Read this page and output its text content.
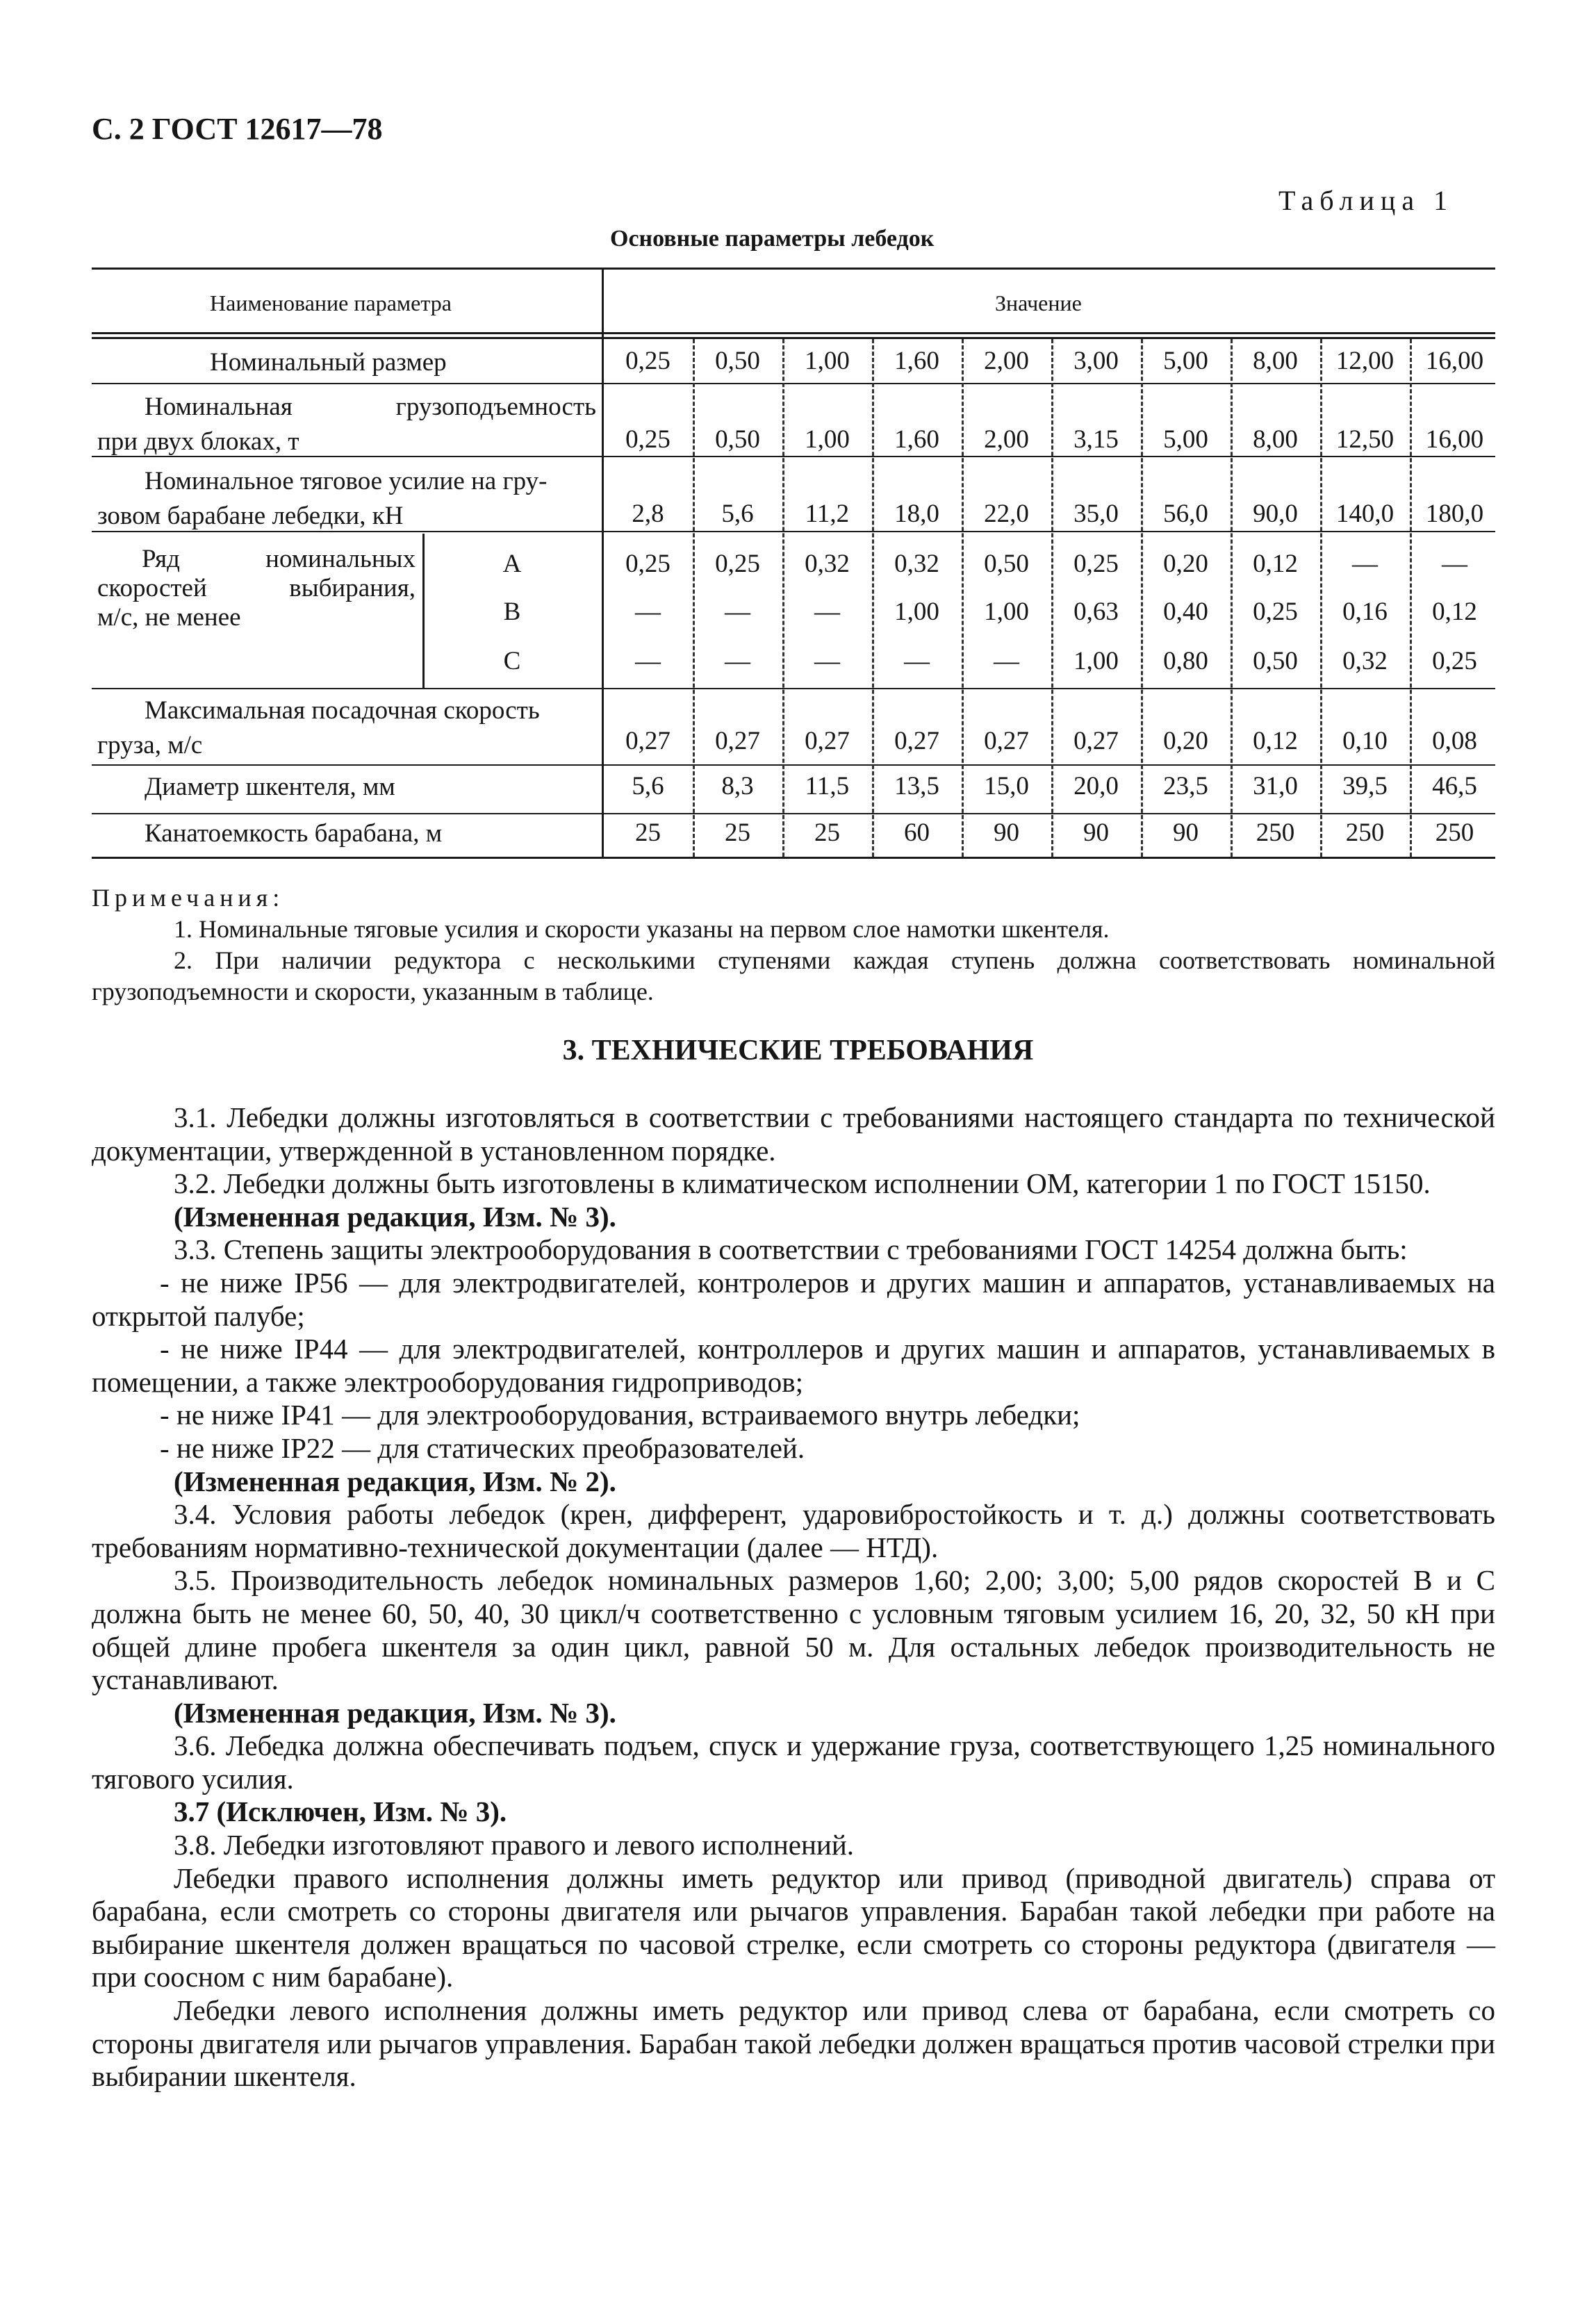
С. 2 ГОСТ 12617—78
Таблица 1
Основные параметры лебедок
Наименование параметра	Значение
Номинальный размер	0,25 0,50 1,00 1,60 2,00 3,00 5,00 8,00 12,00 16,00
Номинальная грузоподъемность
при двух блоках, т	0,25 0,50 1,00 1,60 2,00 3,15 5,00 8,00 12,50 16,00
Номинальное тяговое усилие на гру-
зовом барабане лебедки, кН	2,8 5,6 11,2 18,0 22,0 35,0 56,0 90,0 140,0 180,0
Максимальная посадочная скорость
груза, м/с	0,27 0,27 0,27 0,27 0,27 0,27 0,20 0,12 0,10 0,08
Диаметр шкентеля, мм	5,6 8,3 11,5 13,5 15,0 20,0 23,5 31,0 39,5 46,5
Канатоемкость барабана, м	25 25 25 60 90 90 90 250 250 250
Ряд номинальных
скоростей выбирания,
м/с, не менее
A	0,25 0,25 0,32 0,32 0,50 0,25 0,20 0,12 — —
B	— — — 1,00 1,00 0,63 0,40 0,25 0,16 0,12
C	— — — — — 1,00 0,80 0,50 0,32 0,25

Примечания:

1. Номинальные тяговые усилия и скорости указаны на первом слое намотки шкентеля.

2. При наличии редуктора с несколькими ступенями каждая ступень должна соответствовать номинальной грузоподъемности и скорости, указанным в таблице.

3. ТЕХНИЧЕСКИЕ ТРЕБОВАНИЯ

3.1. Лебедки должны изготовляться в соответствии с требованиями настоящего стандарта по технической документации, утвержденной в установленном порядке.

3.2. Лебедки должны быть изготовлены в климатическом исполнении ОМ, категории 1 по ГОСТ 15150.

(Измененная редакция, Изм. № 3).

3.3. Степень защиты электрооборудования в соответствии с требованиями ГОСТ 14254 должна быть:

- не ниже IP56 — для электродвигателей, контролеров и других машин и аппаратов, устанавливаемых на открытой палубе;

- не ниже IP44 — для электродвигателей, контроллеров и других машин и аппаратов, устанавливаемых в помещении, а также электрооборудования гидроприводов;

- не ниже IP41 — для электрооборудования, встраиваемого внутрь лебедки;

- не ниже IP22 — для статических преобразователей.

(Измененная редакция, Изм. № 2).

3.4. Условия работы лебедок (крен, дифферент, ударовибростойкость и т. д.) должны соответствовать требованиям нормативно-технической документации (далее — НТД).

3.5. Производительность лебедок номинальных размеров 1,60; 2,00; 3,00; 5,00 рядов скоростей В и С должна быть не менее 60, 50, 40, 30 цикл/ч соответственно с условным тяговым усилием 16, 20, 32, 50 кН при общей длине пробега шкентеля за один цикл, равной 50 м. Для остальных лебедок производительность не устанавливают.

(Измененная редакция, Изм. № 3).

3.6. Лебедка должна обеспечивать подъем, спуск и удержание груза, соответствующего 1,25 номинального тягового усилия.

3.7 (Исключен, Изм. № 3).

3.8. Лебедки изготовляют правого и левого исполнений.

Лебедки правого исполнения должны иметь редуктор или привод (приводной двигатель) справа от барабана, если смотреть со стороны двигателя или рычагов управления. Барабан такой лебедки при работе на выбирание шкентеля должен вращаться по часовой стрелке, если смотреть со стороны редуктора (двигателя — при соосном с ним барабане).

Лебедки левого исполнения должны иметь редуктор или привод слева от барабана, если смотреть со стороны двигателя или рычагов управления. Барабан такой лебедки должен вращаться против часовой стрелки при выбирании шкентеля.
